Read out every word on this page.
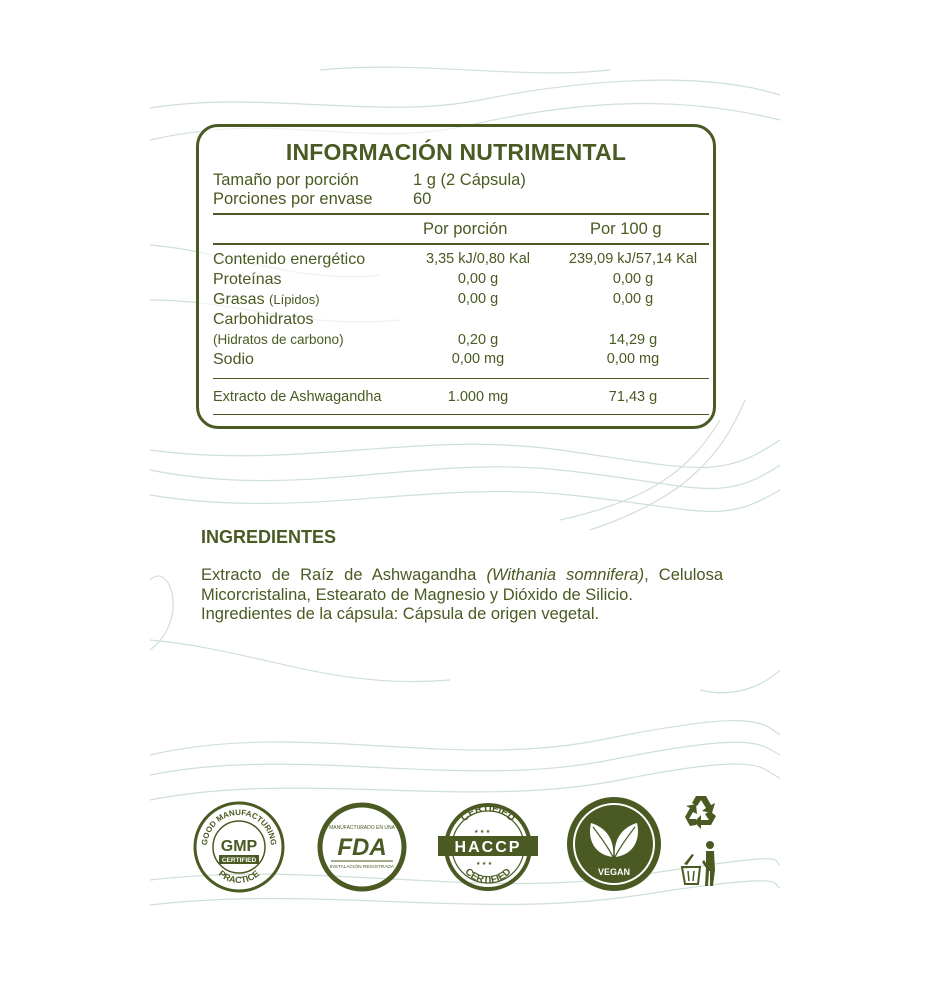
INFORMACIÓN NUTRIMENTAL
Tamaño por porción	1 g (2 Cápsula)
Porciones por envase 60
Por porción	Por 100 g
Contenido energético	3,35 kJ/0,80 Kal	239,09 kJ/57,14 Kal
Proteínas	0,00 g	0,00 g
Grasas (Lípidos)	0,00 g	0,00 g
Carbohidratos
(Hidratos de carbono)	0,20 g	14,29 g
Sodio	0,00 mg	0,00 mg
Extracto de Ashwagandha	1.000 mg	71,43 g
INGREDIENTES

Extracto de Raíz de Ashwagandha (Withania somnifera), Celulosa Micorcristalina, Estearato de Magnesio y Dióxido de Silicio.

Ingredientes de la cápsula: Cápsula de origen vegetal.

GOOD MANUFACTURING
PRACTICE
GMP
CERTIFIED
MANUFACTURADO EN UNA
FDA
INSTALACIÓN REGISTRADA
CERTIFIED
CERTIFIED
HACCP
★ ★ ★
★ ★ ★
VEGAN
